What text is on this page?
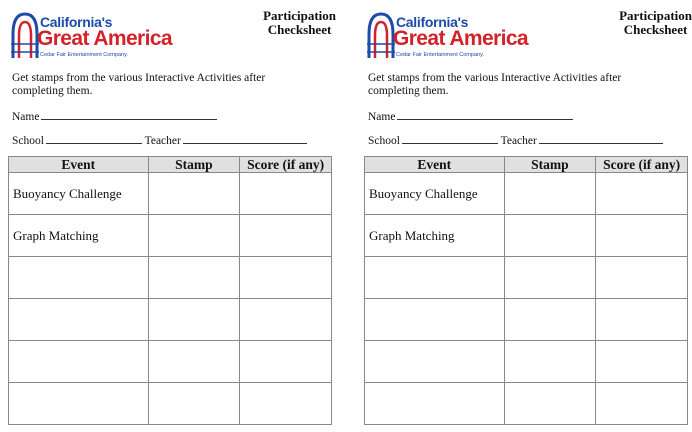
California's
Great America
Cedar Fair Entertainment Company.
Participation
Checksheet
Get stamps from the various Interactive Activities after completing them.
Name
School	Teacher
Event	Stamp	Score (if any)
Buoyancy Challenge		
Graph Matching		

California's
Great America
Cedar Fair Entertainment Company.
Participation
Checksheet
Get stamps from the various Interactive Activities after completing them.
Name
School	Teacher
Event	Stamp	Score (if any)
Buoyancy Challenge		
Graph Matching		
